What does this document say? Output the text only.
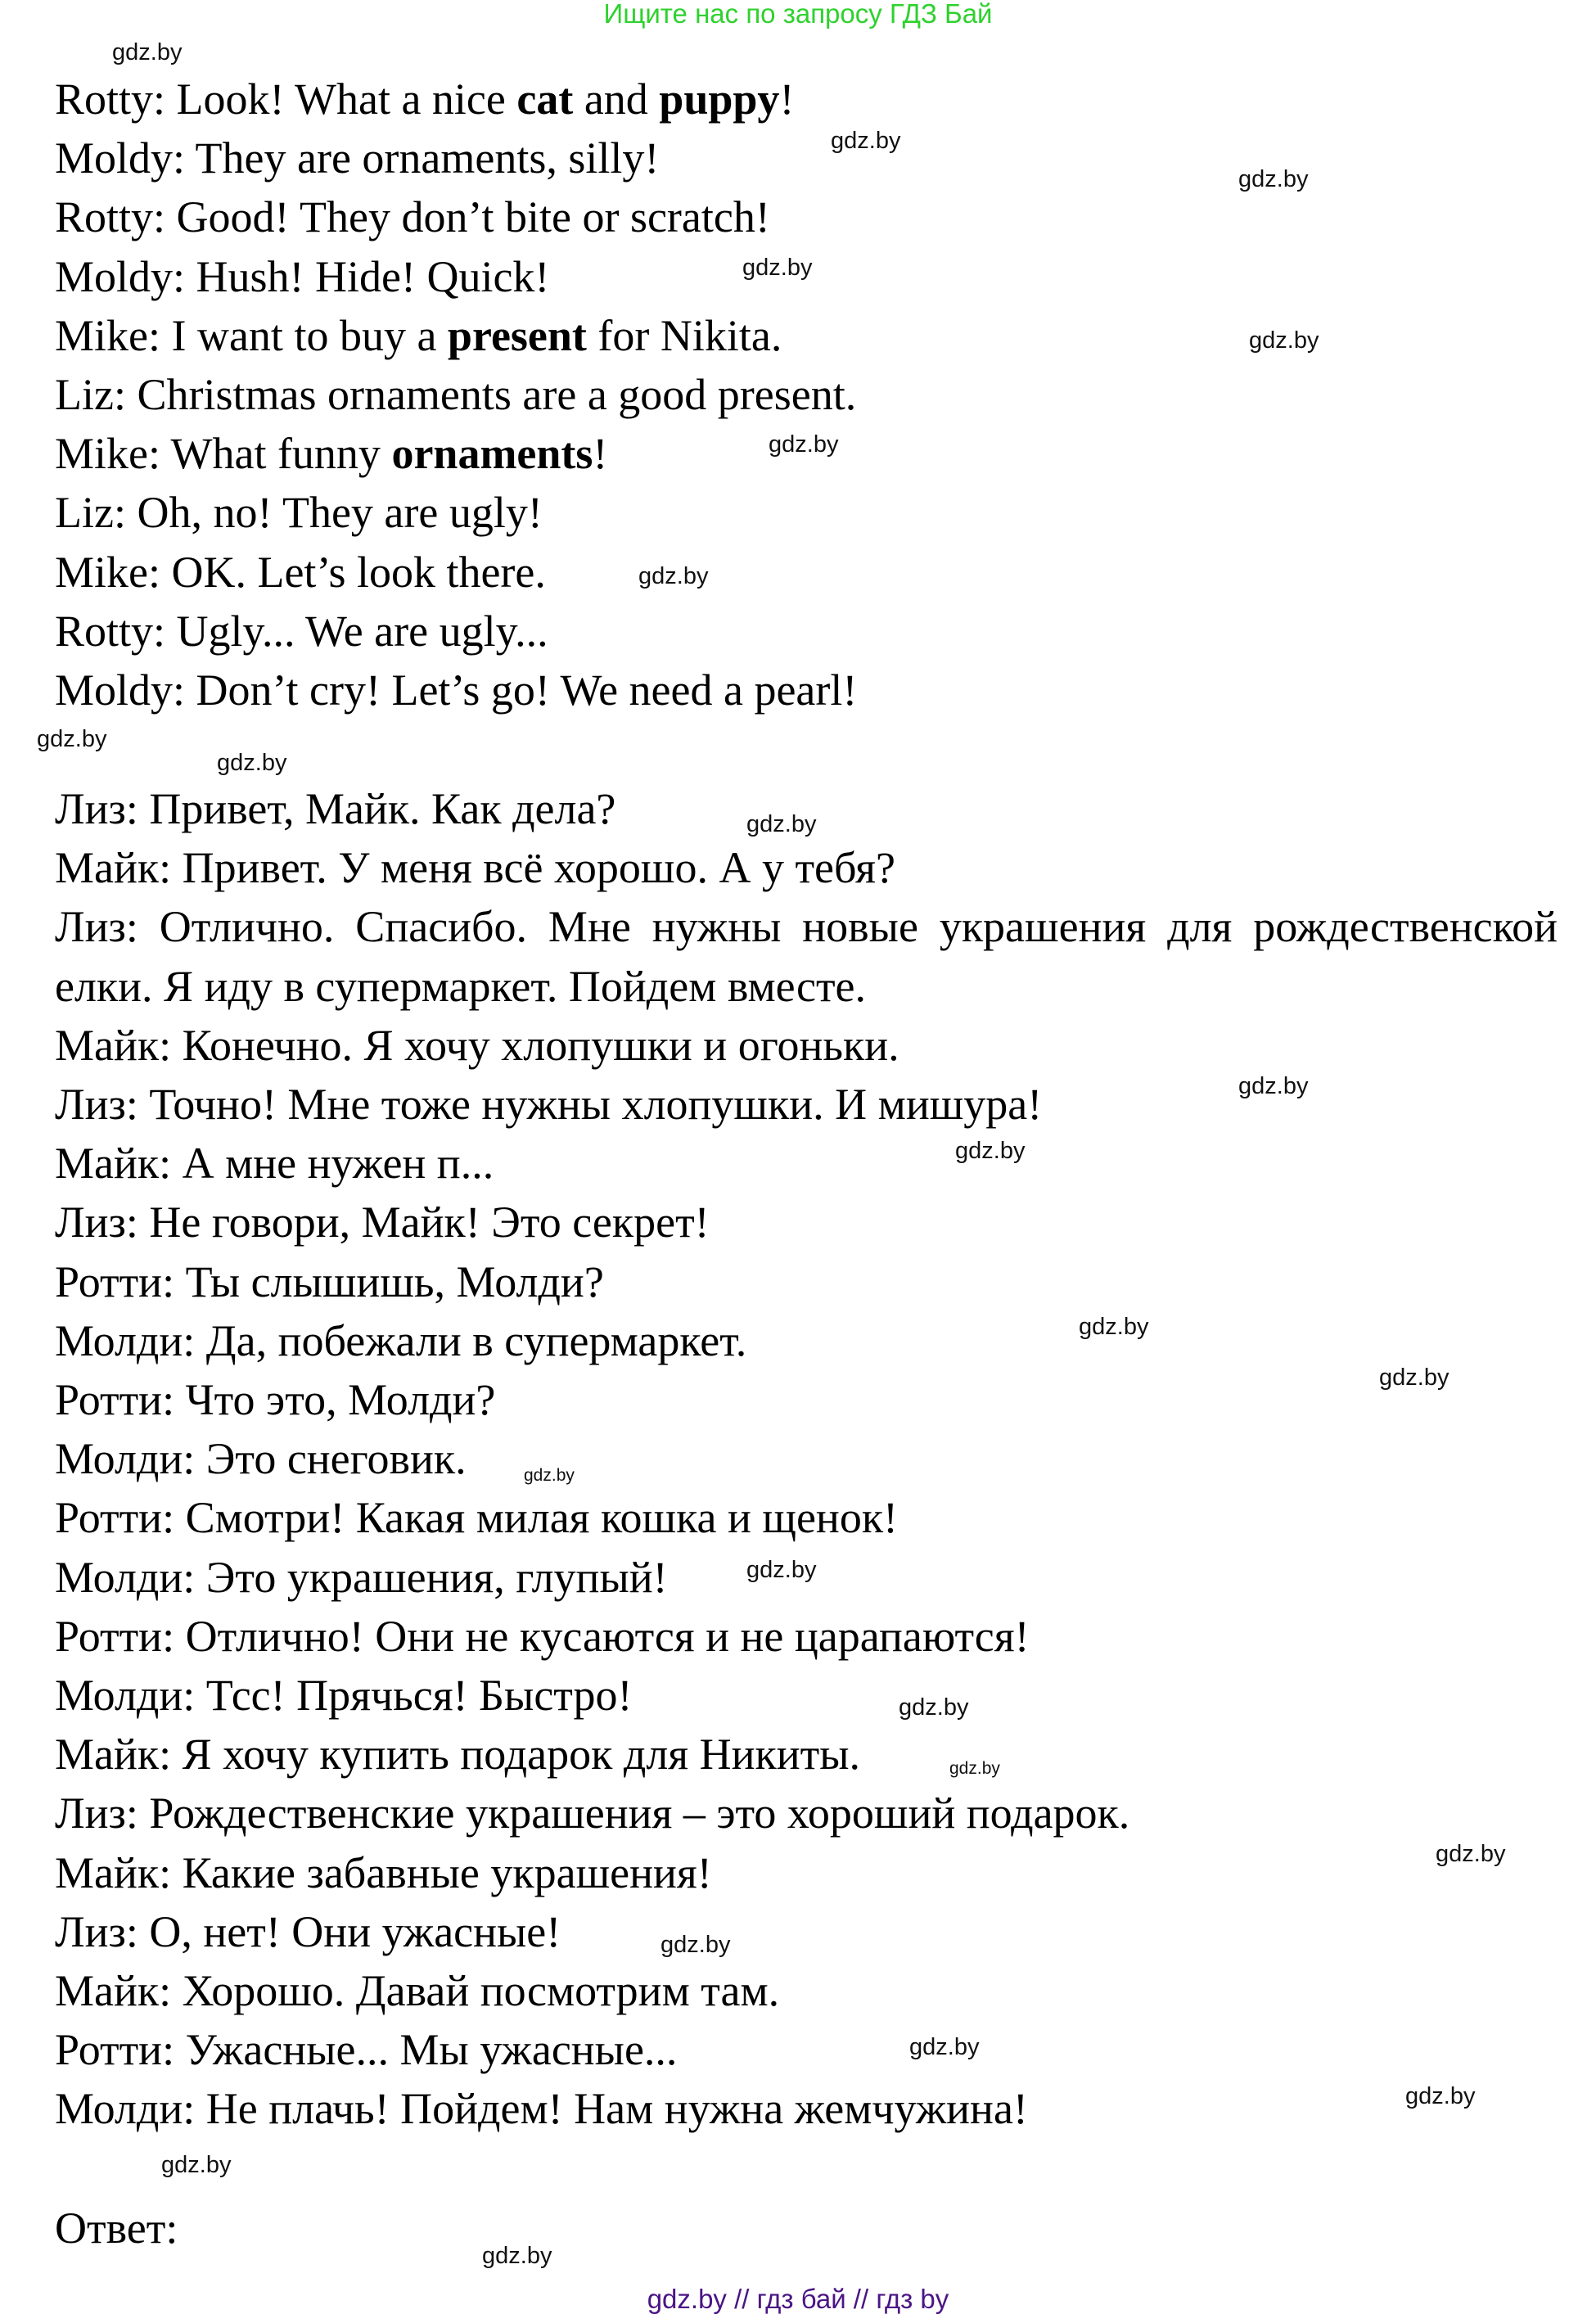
Ищите нас по запросу ГДЗ Бай
Rotty: Look! What a nice cat and puppy!
Moldy: They are ornaments, silly!
Rotty: Good! They don’t bite or scratch!
Moldy: Hush! Hide! Quick!
Mike: I want to buy a present for Nikita.
Liz: Christmas ornaments are a good present.
Mike: What funny ornaments!
Liz: Oh, no! They are ugly!
Mike: OK. Let’s look there.
Rotty: Ugly... We are ugly...
Moldy: Don’t cry! Let’s go! We need a pearl!
Лиз: Привет, Майк. Как дела?
Майк: Привет. У меня всё хорошо. А у тебя?
Лиз: Отлично. Спасибо. Мне нужны новые украшения для рождественской елки. Я иду в супермаркет. Пойдем вместе.
Майк: Конечно. Я хочу хлопушки и огоньки.
Лиз: Точно! Мне тоже нужны хлопушки. И мишура!
Майк: А мне нужен п...
Лиз: Не говори, Майк! Это секрет!
Ротти: Ты слышишь, Молди?
Молди: Да, побежали в супермаркет.
Ротти: Что это, Молди?
Молди: Это снеговик.
Ротти: Смотри! Какая милая кошка и щенок!
Молди: Это украшения, глупый!
Ротти: Отлично! Они не кусаются и не царапаются!
Молди: Тсс! Прячься! Быстро!
Майк: Я хочу купить подарок для Никиты.
Лиз: Рождественские украшения – это хороший подарок.
Майк: Какие забавные украшения!
Лиз: О, нет! Они ужасные!
Майк: Хорошо. Давай посмотрим там.
Ротти: Ужасные... Мы ужасные...
Молди: Не плачь! Пойдем! Нам нужна жемчужина!
Ответ:
gdz.by
gdz.by
gdz.by
gdz.by
gdz.by
gdz.by
gdz.by
gdz.by
gdz.by
gdz.by
gdz.by
gdz.by
gdz.by
gdz.by
gdz.by
gdz.by
gdz.by
gdz.by
gdz.by
gdz.by
gdz.by
gdz.by
gdz.by
gdz.by
gdz.by // гдз бай // гдз by
